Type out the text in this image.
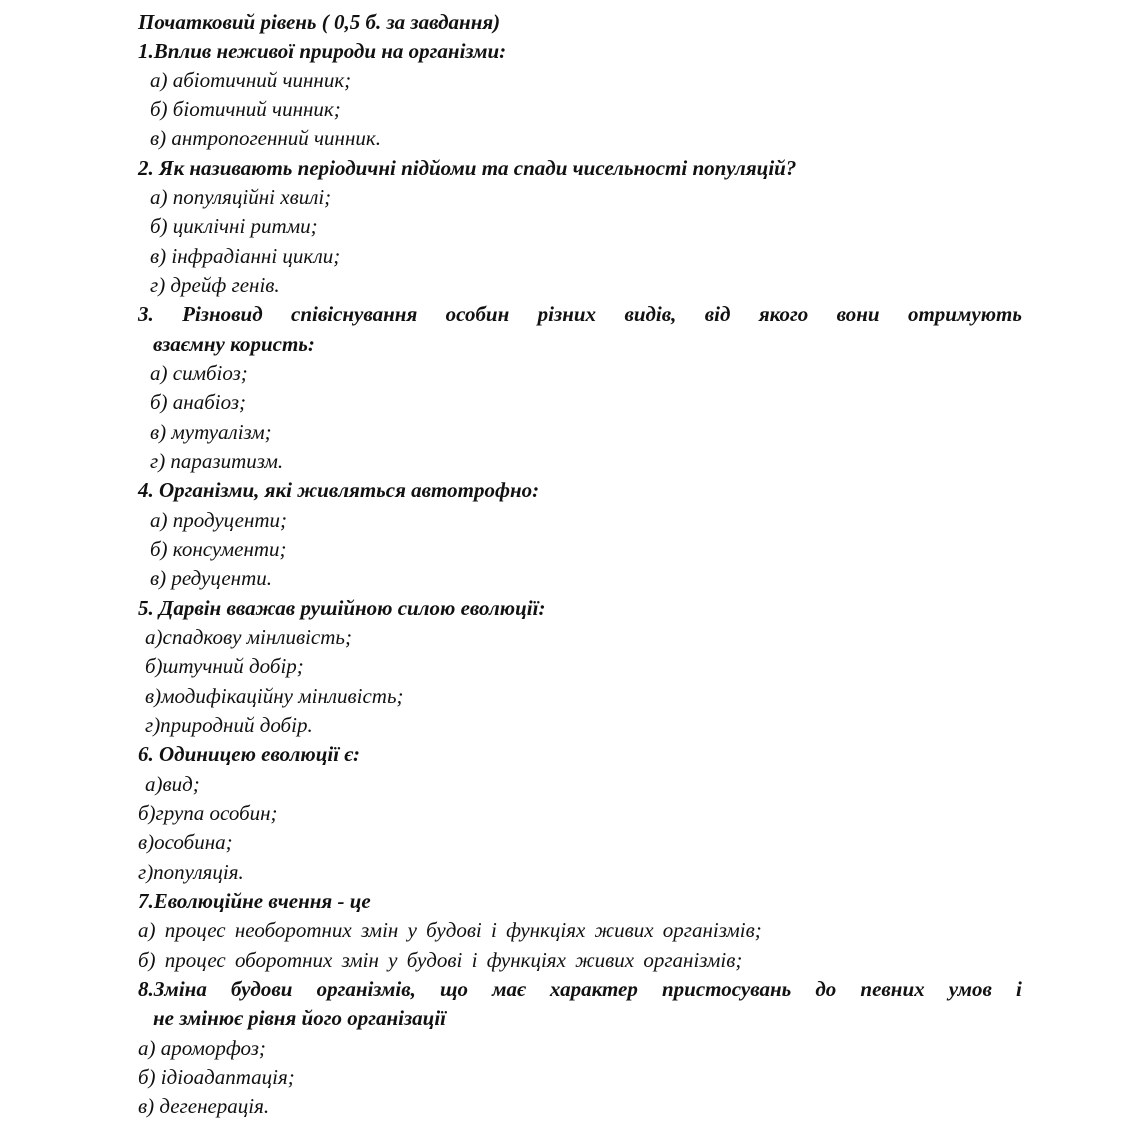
Початковий рівень ( 0,5 б. за завдання)
1.Вплив неживої природи на організми:
а) абіотичний чинник;
б) біотичний чинник;
в) антропогенний чинник.
2. Як називають періодичні підйоми та спади чисельності популяцій?
а) популяційні хвилі;
б) циклічні ритми;
в) інфрадіанні цикли;
г) дрейф генів.
3. Різновид співіснування особин різних видів, від якого вони отримують
взаємну користь:
а) симбіоз;
б) анабіоз;
в) мутуалізм;
г) паразитизм.
4. Організми, які живляться автотрофно:
а) продуценти;
б) консументи;
в) редуценти.
5. Дарвін вважав рушійною силою еволюції:
а)спадкову мінливість;
б)штучний добір;
в)модифікаційну мінливість;
г)природний добір.
6. Одиницею еволюції є:
а)вид;
б)група особин;
в)особина;
г)популяція.
7.Еволюційне вчення - це
а) процес необоротних змін у будові і функціях живих організмів;
б) процес оборотних змін у будові і функціях живих організмів;
8.Зміна будови організмів, що має характер пристосувань до певних умов і
не змінює рівня його організації
а) ароморфоз;
б) ідіоадаптація;
в) дегенерація.
